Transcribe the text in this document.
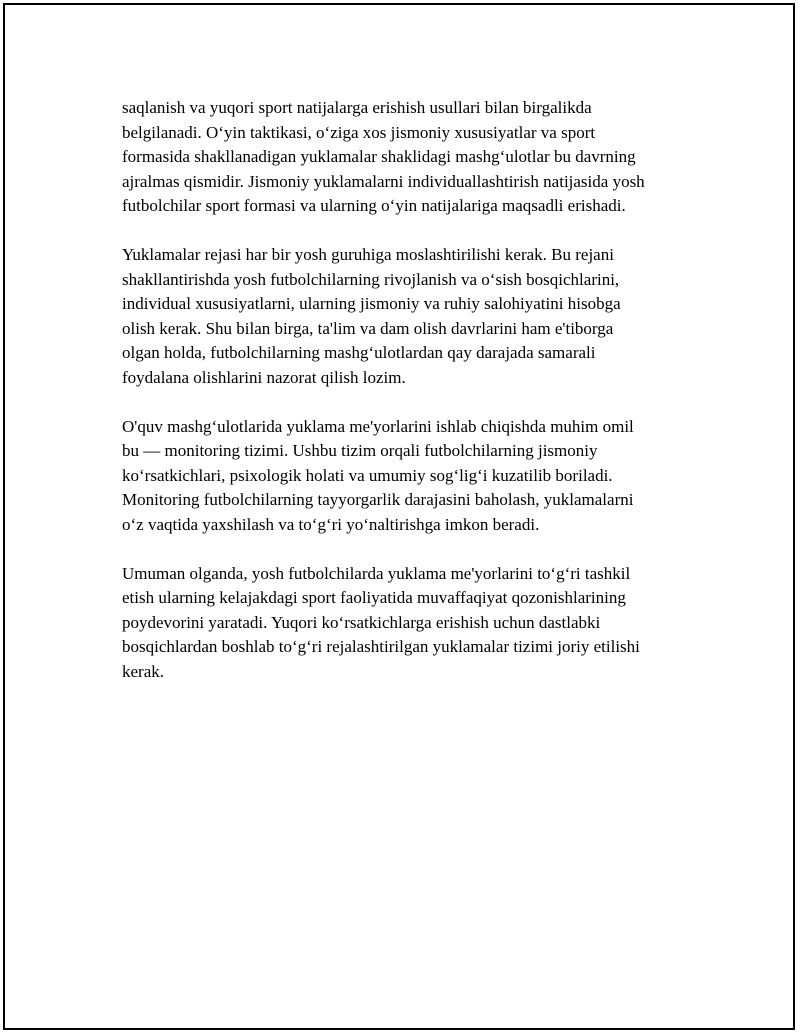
saqlanish va yuqori sport natijalarga erishish usullari bilan birgalikda
belgilanadi. O‘yin taktikasi, o‘ziga xos jismoniy xususiyatlar va sport
formasida shakllanadigan yuklamalar shaklidagi mashg‘ulotlar bu davrning
ajralmas qismidir. Jismoniy yuklamalarni individuallashtirish natijasida yosh
futbolchilar sport formasi va ularning o‘yin natijalariga maqsadli erishadi.

Yuklamalar rejasi har bir yosh guruhiga moslashtirilishi kerak. Bu rejani
shakllantirishda yosh futbolchilarning rivojlanish va o‘sish bosqichlarini,
individual xususiyatlarni, ularning jismoniy va ruhiy salohiyatini hisobga
olish kerak. Shu bilan birga, ta'lim va dam olish davrlarini ham e'tiborga
olgan holda, futbolchilarning mashg‘ulotlardan qay darajada samarali
foydalana olishlarini nazorat qilish lozim.

O'quv mashg‘ulotlarida yuklama me'yorlarini ishlab chiqishda muhim omil
bu — monitoring tizimi. Ushbu tizim orqali futbolchilarning jismoniy
ko‘rsatkichlari, psixologik holati va umumiy sog‘lig‘i kuzatilib boriladi.
Monitoring futbolchilarning tayyorgarlik darajasini baholash, yuklamalarni
o‘z vaqtida yaxshilash va to‘g‘ri yo‘naltirishga imkon beradi.

Umuman olganda, yosh futbolchilarda yuklama me'yorlarini to‘g‘ri tashkil
etish ularning kelajakdagi sport faoliyatida muvaffaqiyat qozonishlarining
poydevorini yaratadi. Yuqori ko‘rsatkichlarga erishish uchun dastlabki
bosqichlardan boshlab to‘g‘ri rejalashtirilgan yuklamalar tizimi joriy etilishi
kerak.
